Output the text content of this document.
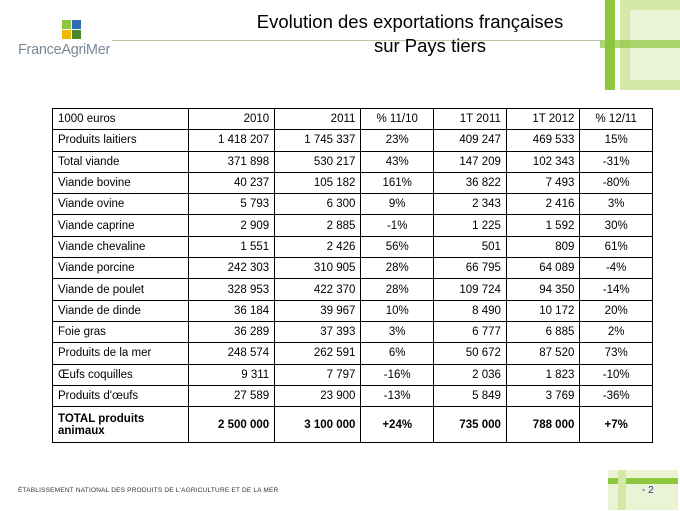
FranceAgriMer
Evolution des exportations françaises
sur Pays tiers
1000 euros	2010	2011	% 11/10	1T 2011	1T 2012	% 12/11
Produits laitiers	1 418 207	1 745 337	23%	409 247	469 533	15%
Total viande	371 898	530 217	43%	147 209	102 343	-31%
Viande bovine	40 237	105 182	161%	36 822	7 493	-80%
Viande ovine	5 793	6 300	9%	2 343	2 416	3%
Viande caprine	2 909	2 885	-1%	1 225	1 592	30%
Viande chevaline	1 551	2 426	56%	501	809	61%
Viande porcine	242 303	310 905	28%	66 795	64 089	-4%
Viande de poulet	328 953	422 370	28%	109 724	94 350	-14%
Viande de dinde	36 184	39 967	10%	8 490	10 172	20%
Foie gras	36 289	37 393	3%	6 777	6 885	2%
Produits de la mer	248 574	262 591	6%	50 672	87 520	73%
Œufs coquilles	9 311	7 797	-16%	2 036	1 823	-10%
Produits d'œufs	27 589	23 900	-13%	5 849	3 769	-36%
TOTAL produits animaux	2 500 000	3 100 000	+24%	735 000	788 000	+7%
ÉTABLISSEMENT NATIONAL DES PRODUITS DE L'AGRICULTURE ET DE LA MER	- 2
